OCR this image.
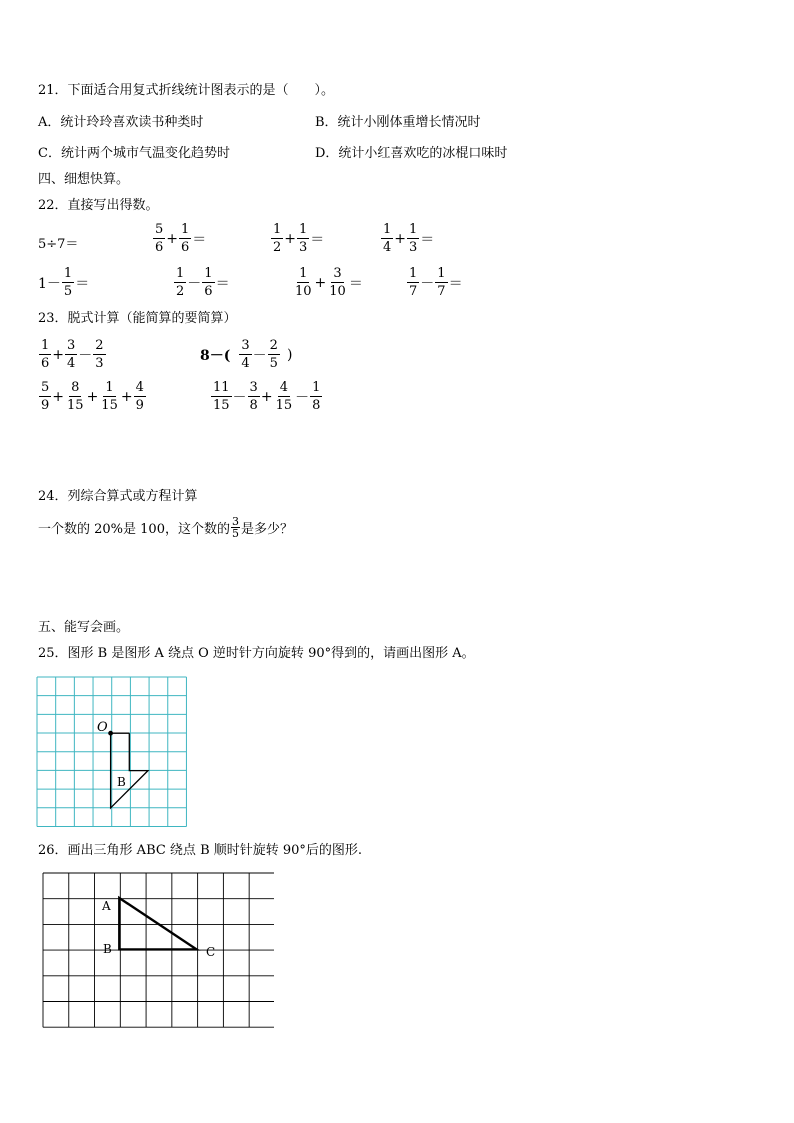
21．下面适合用复式折线统计图表示的是（　　）。
A．统计玲玲喜欢读书种类时	B．统计小刚体重增长情况时
C．统计两个城市气温变化趋势时	D．统计小红喜欢吃的冰棍口味时
四、细想快算。
22．直接写出得数。
5÷7＝	$\frac{5}{6} + \frac{1}{6}$ ＝	$\frac{1}{2} + \frac{1}{3}$ ＝	$\frac{1}{4} + \frac{1}{3}$ ＝
$1- \frac{1}{5}$ ＝	$\frac{1}{2} - \frac{1}{6}$ ＝	$\frac{1}{10} + \frac{3}{10}$ ＝	$\frac{1}{7} - \frac{1}{7}$ ＝
23．脱式计算（能简算的要简算）
$\frac{1}{6} + \frac{3}{4} - \frac{2}{3}$	$8-( \frac{3}{4} - \frac{2}{5}$ )
$\frac{5}{9} + \frac{8}{15} + \frac{1}{15} + \frac{4}{9}$	$\frac{11}{15} - \frac{3}{8} + \frac{4}{15} - \frac{1}{8}$
24．列综合算式或方程计算
一个数的 20%是 100，这个数的 $\frac{3}{5}$ 是多少？
五、能写会画。
25．图形 B 是图形 A 绕点 O 逆时针方向旋转 90°得到的，请画出图形 A。
O
B
26．画出三角形 ABC 绕点 B 顺时针旋转 90°后的图形.
A
B	C
